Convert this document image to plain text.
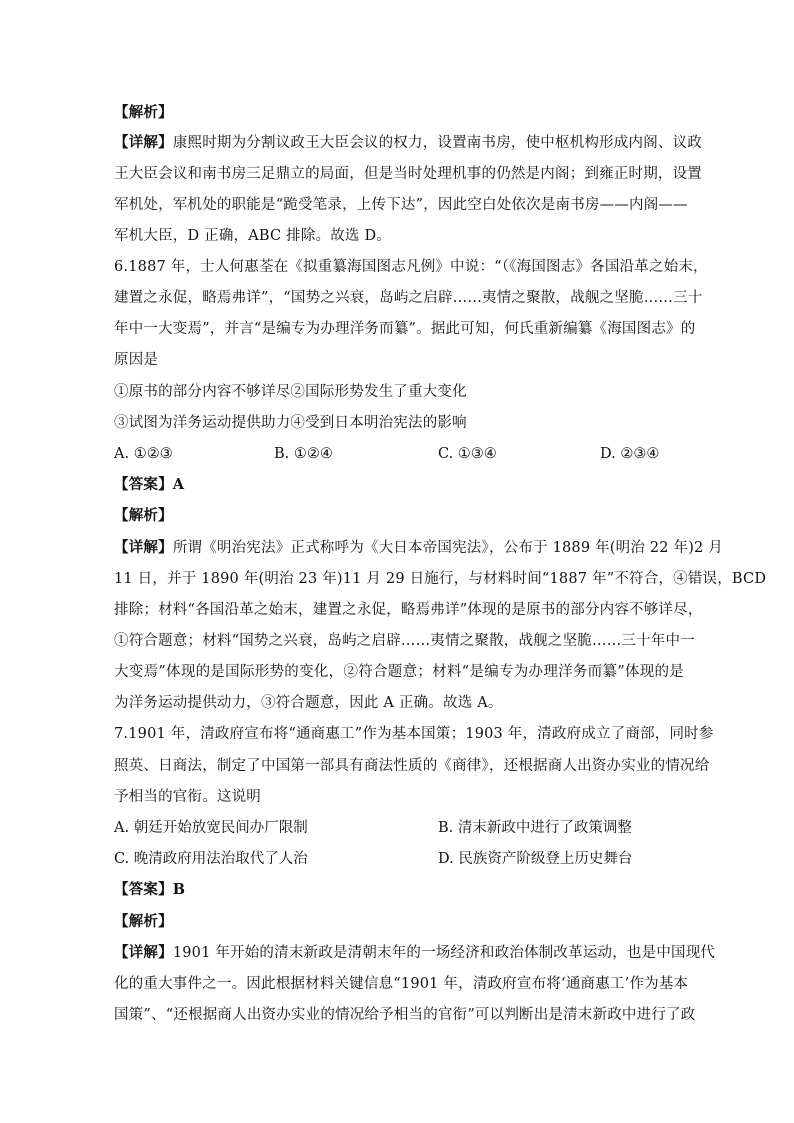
【解析】
【详解】康熙时期为分割议政王大臣会议的权力，设置南书房，使中枢机构形成内阁、议政
王大臣会议和南书房三足鼎立的局面，但是当时处理机事的仍然是内阁；到雍正时期，设置
军机处，军机处的职能是“跪受笔录，上传下达”，因此空白处依次是南书房——内阁——
军机大臣，D 正确，ABC 排除。故选 D。
6.1887 年，士人何惠荃在《拟重纂海国图志凡例》中说：“（《海国图志》各国沿革之始末，
建置之永促，略焉弗详”，“国势之兴衰，岛屿之启辟……夷情之聚散，战舰之坚脆……三十
年中一大变焉”，并言“是编专为办理洋务而纂”。据此可知，何氏重新编纂《海国图志》的
原因是
①原书的部分内容不够详尽②国际形势发生了重大变化
③试图为洋务运动提供助力④受到日本明治宪法的影响
A. ①②③	B. ①②④	C. ①③④	D. ②③④
【答案】A
【解析】
【详解】所谓《明治宪法》正式称呼为《大日本帝国宪法》，公布于 1889 年(明治 22 年)2 月
11 日，并于 1890 年(明治 23 年)11 月 29 日施行，与材料时间“1887 年”不符合，④错误，BCD
排除；材料“各国沿革之始末，建置之永促，略焉弗详”体现的是原书的部分内容不够详尽，
①符合题意；材料“国势之兴衰，岛屿之启辟……夷情之聚散，战舰之坚脆……三十年中一
大变焉”体现的是国际形势的变化，②符合题意；材料“是编专为办理洋务而纂”体现的是
为洋务运动提供动力，③符合题意，因此 A 正确。故选 A。
7.1901 年，清政府宣布将“通商惠工”作为基本国策；1903 年，清政府成立了商部，同时参
照英、日商法，制定了中国第一部具有商法性质的《商律》，还根据商人出资办实业的情况给
予相当的官衔。这说明
A. 朝廷开始放宽民间办厂限制	B. 清末新政中进行了政策调整
C. 晚清政府用法治取代了人治	D. 民族资产阶级登上历史舞台
【答案】B
【解析】
【详解】1901 年开始的清末新政是清朝末年的一场经济和政治体制改革运动，也是中国现代
化的重大事件之一。因此根据材料关键信息“1901 年，清政府宣布将‘通商惠工’作为基本
国策”、“还根据商人出资办实业的情况给予相当的官衔”可以判断出是清末新政中进行了政
